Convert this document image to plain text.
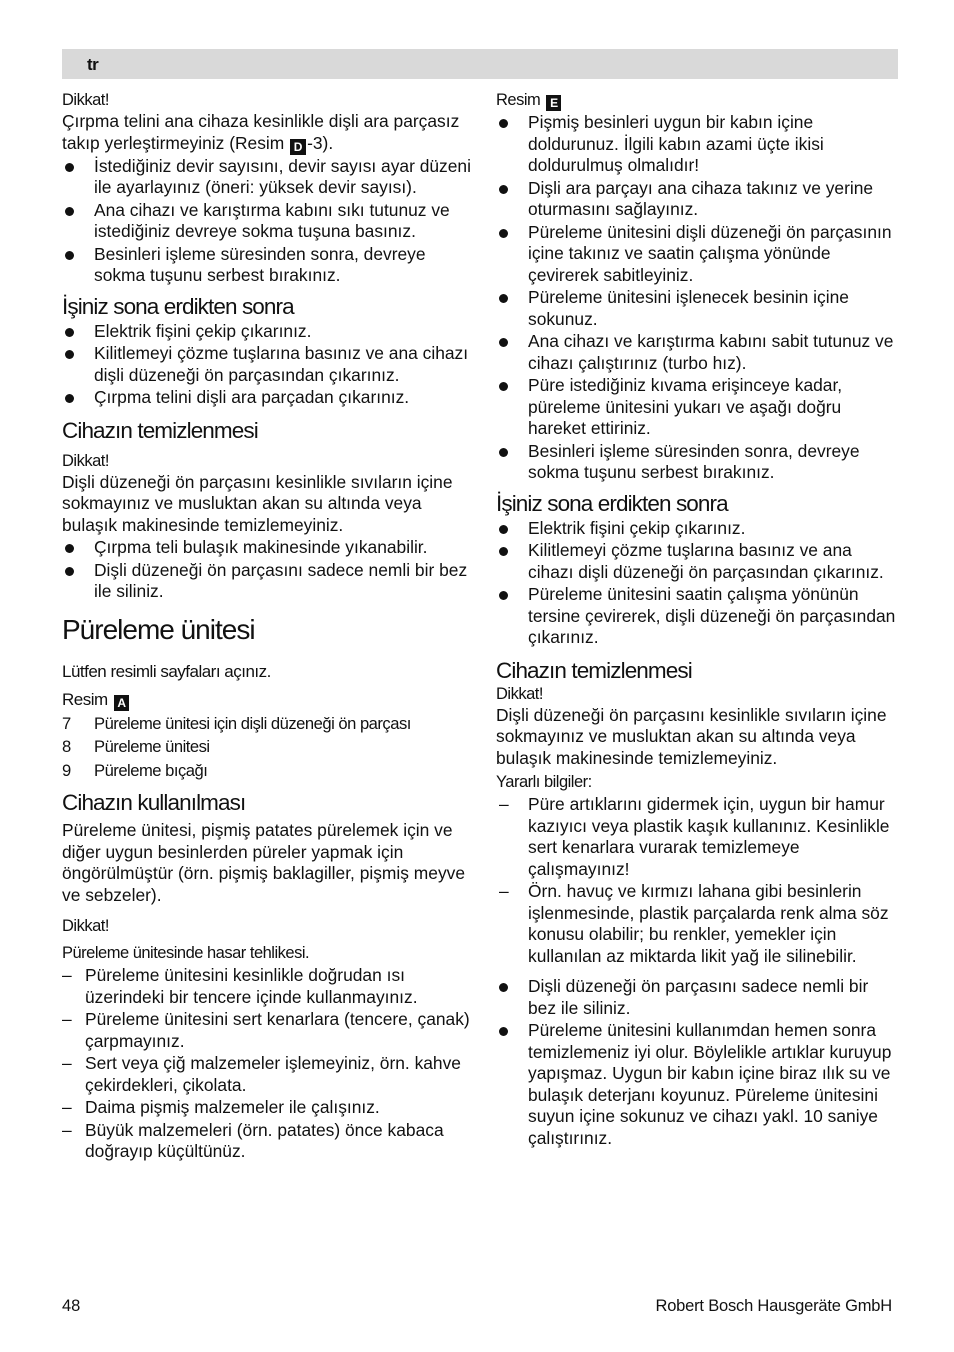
tr

Dikkat!

Çırpma telini ana cihaza kesinlikle dişli ara parçasız takıp yerleştirmeyiniz (Resim D -3).

İstediğiniz devir sayısını, devir sayısı ayar düzeni ile ayarlayınız (öneri: yüksek devir sayısı).
Ana cihazı ve karıştırma kabını sıkı tutunuz ve istediğiniz devreye sokma tuşuna basınız.
Besinleri işleme süresinden sonra, devreye sokma tuşunu serbest bırakınız.
İşiniz sona erdikten sonra
Elektrik fişini çekip çıkarınız.
Kilitlemeyi çözme tuşlarına basınız ve ana cihazı dişli düzeneği ön parçasından çıkarınız.
Çırpma telini dişli ara parçadan çıkarınız.
Cihazın temizlenmesi

Dikkat!

Dişli düzeneği ön parçasını kesinlikle sıvıların içine sokmayınız ve musluktan akan su altında veya bulaşık makinesinde temizlemeyiniz.

Çırpma teli bulaşık makinesinde yıkanabilir.
Dişli düzeneği ön parçasını sadece nemli bir bez ile siliniz.
Püreleme ünitesi

Lütfen resimli sayfaları açınız.

Resim A

7 Püreleme ünitesi için dişli düzeneği ön parçası
8 Püreleme ünitesi
9 Püreleme bıçağı
Cihazın kullanılması

Püreleme ünitesi, pişmiş patates pürelemek için ve diğer uygun besinlerden püreler yapmak için öngörülmüştür (örn. pişmiş baklagiller, pişmiş meyve ve sebzeler).

Dikkat!

Püreleme ünitesinde hasar tehlikesi.

– Püreleme ünitesini kesinlikle doğrudan ısı üzerindeki bir tencere içinde kullanmayınız.
– Püreleme ünitesini sert kenarlara (tencere, çanak) çarpmayınız.
– Sert veya çiğ malzemeler işlemeyiniz, örn. kahve çekirdekleri, çikolata.
– Daima pişmiş malzemeler ile çalışınız.
– Büyük malzemeleri (örn. patates) önce kabaca doğrayıp küçültünüz.

Resim E

Pişmiş besinleri uygun bir kabın içine doldurunuz. İlgili kabın azami üçte ikisi doldurulmuş olmalıdır!
Dişli ara parçayı ana cihaza takınız ve yerine oturmasını sağlayınız.
Püreleme ünitesini dişli düzeneği ön parçasının içine takınız ve saatin çalışma yönünde çevirerek sabitleyiniz.
Püreleme ünitesini işlenecek besinin içine sokunuz.
Ana cihazı ve karıştırma kabını sabit tutunuz ve cihazı çalıştırınız (turbo hız).
Püre istediğiniz kıvama erişinceye kadar, püreleme ünitesini yukarı ve aşağı doğru hareket ettiriniz.
Besinleri işleme süresinden sonra, devreye sokma tuşunu serbest bırakınız.
İşiniz sona erdikten sonra
Elektrik fişini çekip çıkarınız.
Kilitlemeyi çözme tuşlarına basınız ve ana cihazı dişli düzeneği ön parçasından çıkarınız.
Püreleme ünitesini saatin çalışma yönünün tersine çevirerek, dişli düzeneği ön parçasından çıkarınız.
Cihazın temizlenmesi

Dikkat!

Dişli düzeneği ön parçasını kesinlikle sıvıların içine sokmayınız ve musluktan akan su altında veya bulaşık makinesinde temizlemeyiniz.

Yararlı bilgiler:

– Püre artıklarını gidermek için, uygun bir hamur kazıyıcı veya plastik kaşık kullanınız. Kesinlikle sert kenarlara vurarak temizlemeye çalışmayınız!
– Örn. havuç ve kırmızı lahana gibi besinlerin işlenmesinde, plastik parçalarda renk alma söz konusu olabilir; bu renkler, yemekler için kullanılan az miktarda likit yağ ile silinebilir.
Dişli düzeneği ön parçasını sadece nemli bir bez ile siliniz.
Püreleme ünitesini kullanımdan hemen sonra temizlemeniz iyi olur. Böylelikle artıklar kuruyup yapışmaz. Uygun bir kabın içine biraz ılık su ve bulaşık deterjanı koyunuz. Püreleme ünitesini suyun içine sokunuz ve cihazı yakl. 10 saniye çalıştırınız.
48	Robert Bosch Hausgeräte GmbH
